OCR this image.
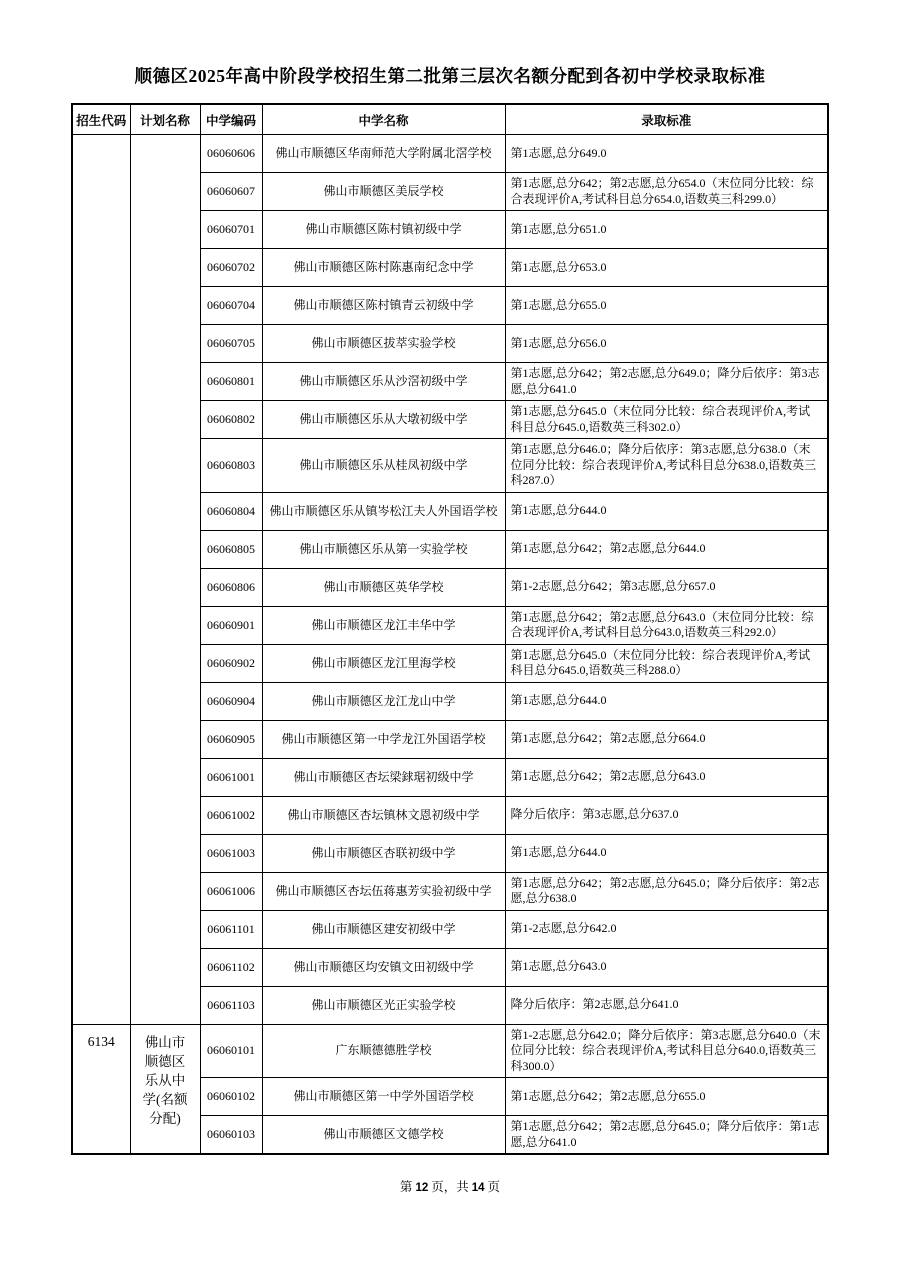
顺德区2025年高中阶段学校招生第二批第三层次名额分配到各初中学校录取标准
招生代码	计划名称	中学编码	中学名称	录取标准
		06060606	佛山市顺德区华南师范大学附属北滘学校	第1志愿,总分649.0
		06060607	佛山市顺德区美辰学校	第1志愿,总分642；第2志愿,总分654.0（末位同分比较：综合表现评价A,考试科目总分654.0,语数英三科299.0）
		06060701	佛山市顺德区陈村镇初级中学	第1志愿,总分651.0
		06060702	佛山市顺德区陈村陈惠南纪念中学	第1志愿,总分653.0
		06060704	佛山市顺德区陈村镇青云初级中学	第1志愿,总分655.0
		06060705	佛山市顺德区拔萃实验学校	第1志愿,总分656.0
		06060801	佛山市顺德区乐从沙滘初级中学	第1志愿,总分642；第2志愿,总分649.0；降分后依序：第3志愿,总分641.0
		06060802	佛山市顺德区乐从大墩初级中学	第1志愿,总分645.0（末位同分比较：综合表现评价A,考试科目总分645.0,语数英三科302.0）
		06060803	佛山市顺德区乐从桂凤初级中学	第1志愿,总分646.0；降分后依序：第3志愿,总分638.0（末位同分比较：综合表现评价A,考试科目总分638.0,语数英三科287.0）
		06060804	佛山市顺德区乐从镇岑松江夫人外国语学校	第1志愿,总分644.0
		06060805	佛山市顺德区乐从第一实验学校	第1志愿,总分642；第2志愿,总分644.0
		06060806	佛山市顺德区英华学校	第1-2志愿,总分642；第3志愿,总分657.0
		06060901	佛山市顺德区龙江丰华中学	第1志愿,总分642；第2志愿,总分643.0（末位同分比较：综合表现评价A,考试科目总分643.0,语数英三科292.0）
		06060902	佛山市顺德区龙江里海学校	第1志愿,总分645.0（末位同分比较：综合表现评价A,考试科目总分645.0,语数英三科288.0）
		06060904	佛山市顺德区龙江龙山中学	第1志愿,总分644.0
		06060905	佛山市顺德区第一中学龙江外国语学校	第1志愿,总分642；第2志愿,总分664.0
		06061001	佛山市顺德区杏坛梁銶琚初级中学	第1志愿,总分642；第2志愿,总分643.0
		06061002	佛山市顺德区杏坛镇林文恩初级中学	降分后依序：第3志愿,总分637.0
		06061003	佛山市顺德区杏联初级中学	第1志愿,总分644.0
		06061006	佛山市顺德区杏坛伍蒋惠芳实验初级中学	第1志愿,总分642；第2志愿,总分645.0；降分后依序：第2志愿,总分638.0
		06061101	佛山市顺德区建安初级中学	第1-2志愿,总分642.0
		06061102	佛山市顺德区均安镇文田初级中学	第1志愿,总分643.0
		06061103	佛山市顺德区光正实验学校	降分后依序：第2志愿,总分641.0
6134	佛山市顺德区乐从中学(名额分配)	06060101	广东顺德德胜学校	第1-2志愿,总分642.0；降分后依序：第3志愿,总分640.0（末位同分比较：综合表现评价A,考试科目总分640.0,语数英三科300.0）
		06060102	佛山市顺德区第一中学外国语学校	第1志愿,总分642；第2志愿,总分655.0
		06060103	佛山市顺德区文德学校	第1志愿,总分642；第2志愿,总分645.0；降分后依序：第1志愿,总分641.0
第 12 页，共 14 页
